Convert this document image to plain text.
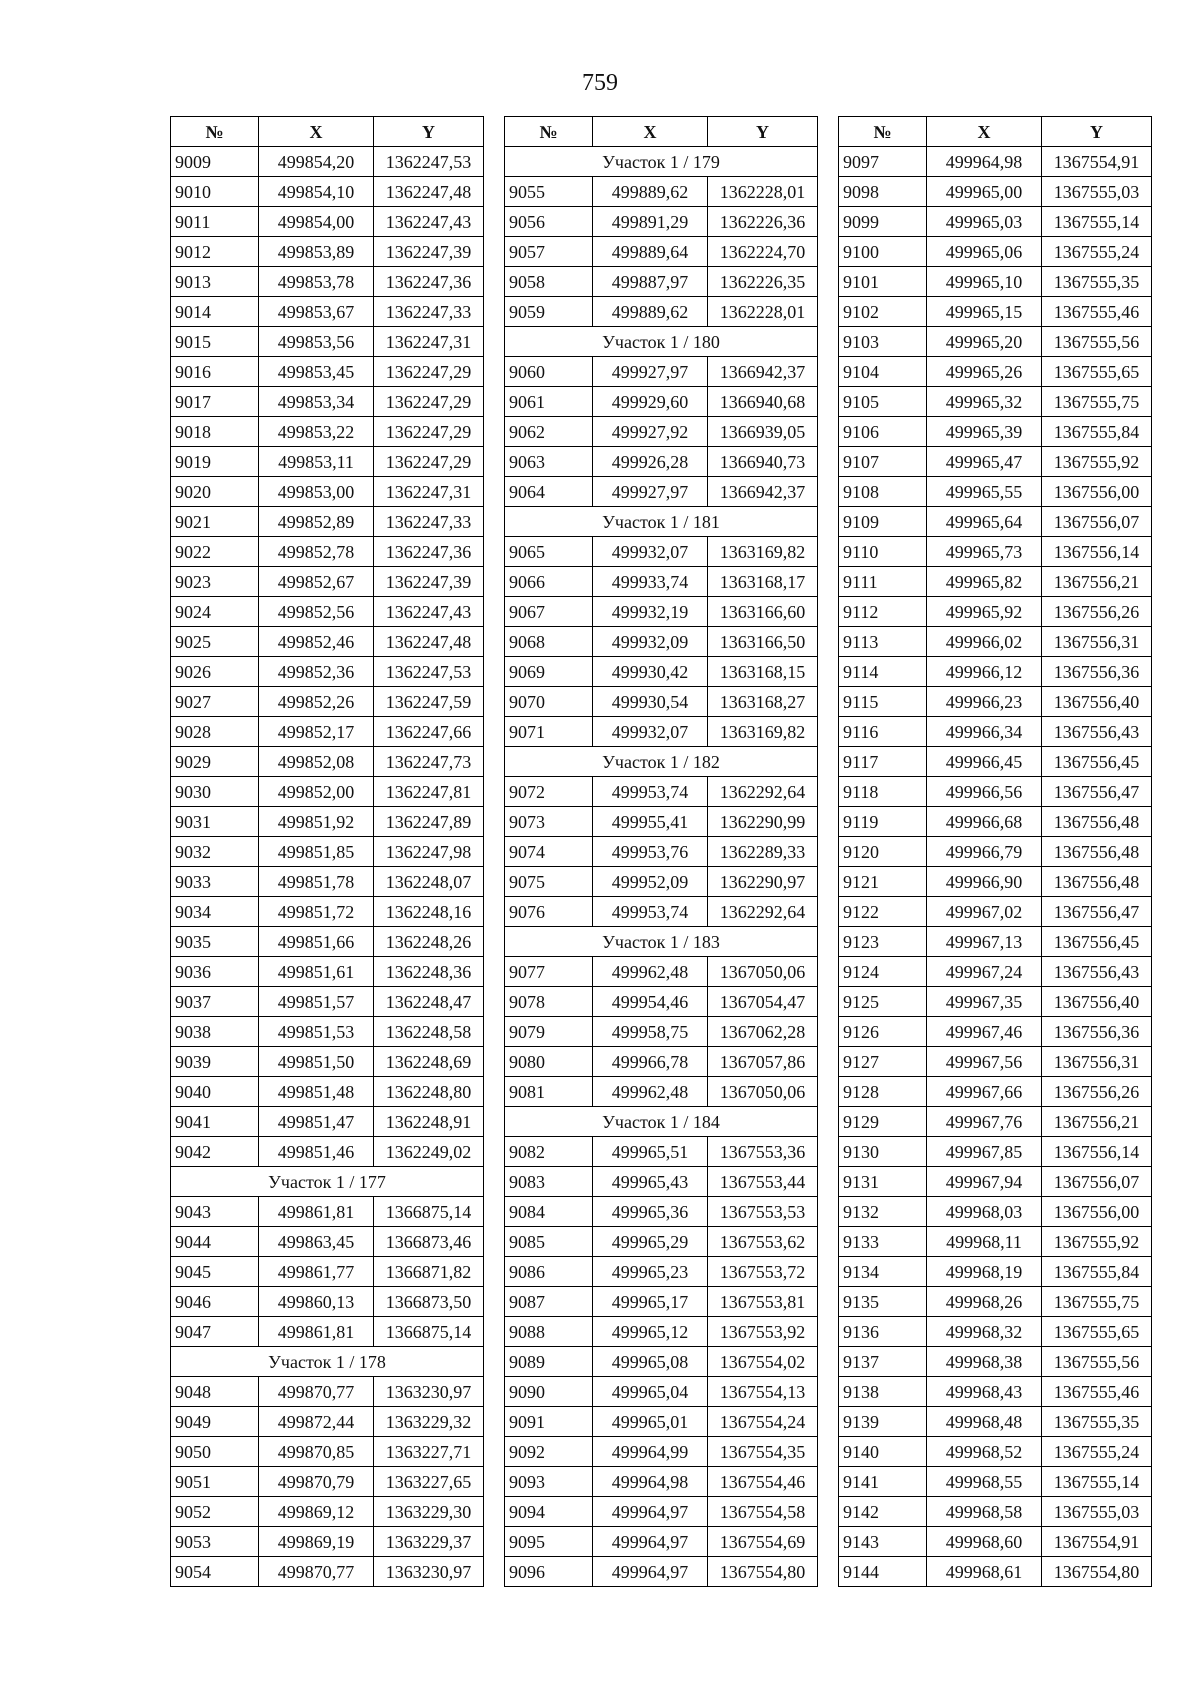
759
№	X	Y
9009	499854,20	1362247,53
9010	499854,10	1362247,48
9011	499854,00	1362247,43
9012	499853,89	1362247,39
9013	499853,78	1362247,36
9014	499853,67	1362247,33
9015	499853,56	1362247,31
9016	499853,45	1362247,29
9017	499853,34	1362247,29
9018	499853,22	1362247,29
9019	499853,11	1362247,29
9020	499853,00	1362247,31
9021	499852,89	1362247,33
9022	499852,78	1362247,36
9023	499852,67	1362247,39
9024	499852,56	1362247,43
9025	499852,46	1362247,48
9026	499852,36	1362247,53
9027	499852,26	1362247,59
9028	499852,17	1362247,66
9029	499852,08	1362247,73
9030	499852,00	1362247,81
9031	499851,92	1362247,89
9032	499851,85	1362247,98
9033	499851,78	1362248,07
9034	499851,72	1362248,16
9035	499851,66	1362248,26
9036	499851,61	1362248,36
9037	499851,57	1362248,47
9038	499851,53	1362248,58
9039	499851,50	1362248,69
9040	499851,48	1362248,80
9041	499851,47	1362248,91
9042	499851,46	1362249,02
Участок 1 / 177		
9043	499861,81	1366875,14
9044	499863,45	1366873,46
9045	499861,77	1366871,82
9046	499860,13	1366873,50
9047	499861,81	1366875,14
Участок 1 / 178		
9048	499870,77	1363230,97
9049	499872,44	1363229,32
9050	499870,85	1363227,71
9051	499870,79	1363227,65
9052	499869,12	1363229,30
9053	499869,19	1363229,37
9054	499870,77	1363230,97
№	X	Y
Участок 1 / 179		
9055	499889,62	1362228,01
9056	499891,29	1362226,36
9057	499889,64	1362224,70
9058	499887,97	1362226,35
9059	499889,62	1362228,01
Участок 1 / 180		
9060	499927,97	1366942,37
9061	499929,60	1366940,68
9062	499927,92	1366939,05
9063	499926,28	1366940,73
9064	499927,97	1366942,37
Участок 1 / 181		
9065	499932,07	1363169,82
9066	499933,74	1363168,17
9067	499932,19	1363166,60
9068	499932,09	1363166,50
9069	499930,42	1363168,15
9070	499930,54	1363168,27
9071	499932,07	1363169,82
Участок 1 / 182		
9072	499953,74	1362292,64
9073	499955,41	1362290,99
9074	499953,76	1362289,33
9075	499952,09	1362290,97
9076	499953,74	1362292,64
Участок 1 / 183		
9077	499962,48	1367050,06
9078	499954,46	1367054,47
9079	499958,75	1367062,28
9080	499966,78	1367057,86
9081	499962,48	1367050,06
Участок 1 / 184		
9082	499965,51	1367553,36
9083	499965,43	1367553,44
9084	499965,36	1367553,53
9085	499965,29	1367553,62
9086	499965,23	1367553,72
9087	499965,17	1367553,81
9088	499965,12	1367553,92
9089	499965,08	1367554,02
9090	499965,04	1367554,13
9091	499965,01	1367554,24
9092	499964,99	1367554,35
9093	499964,98	1367554,46
9094	499964,97	1367554,58
9095	499964,97	1367554,69
9096	499964,97	1367554,80
№	X	Y
9097	499964,98	1367554,91
9098	499965,00	1367555,03
9099	499965,03	1367555,14
9100	499965,06	1367555,24
9101	499965,10	1367555,35
9102	499965,15	1367555,46
9103	499965,20	1367555,56
9104	499965,26	1367555,65
9105	499965,32	1367555,75
9106	499965,39	1367555,84
9107	499965,47	1367555,92
9108	499965,55	1367556,00
9109	499965,64	1367556,07
9110	499965,73	1367556,14
9111	499965,82	1367556,21
9112	499965,92	1367556,26
9113	499966,02	1367556,31
9114	499966,12	1367556,36
9115	499966,23	1367556,40
9116	499966,34	1367556,43
9117	499966,45	1367556,45
9118	499966,56	1367556,47
9119	499966,68	1367556,48
9120	499966,79	1367556,48
9121	499966,90	1367556,48
9122	499967,02	1367556,47
9123	499967,13	1367556,45
9124	499967,24	1367556,43
9125	499967,35	1367556,40
9126	499967,46	1367556,36
9127	499967,56	1367556,31
9128	499967,66	1367556,26
9129	499967,76	1367556,21
9130	499967,85	1367556,14
9131	499967,94	1367556,07
9132	499968,03	1367556,00
9133	499968,11	1367555,92
9134	499968,19	1367555,84
9135	499968,26	1367555,75
9136	499968,32	1367555,65
9137	499968,38	1367555,56
9138	499968,43	1367555,46
9139	499968,48	1367555,35
9140	499968,52	1367555,24
9141	499968,55	1367555,14
9142	499968,58	1367555,03
9143	499968,60	1367554,91
9144	499968,61	1367554,80
